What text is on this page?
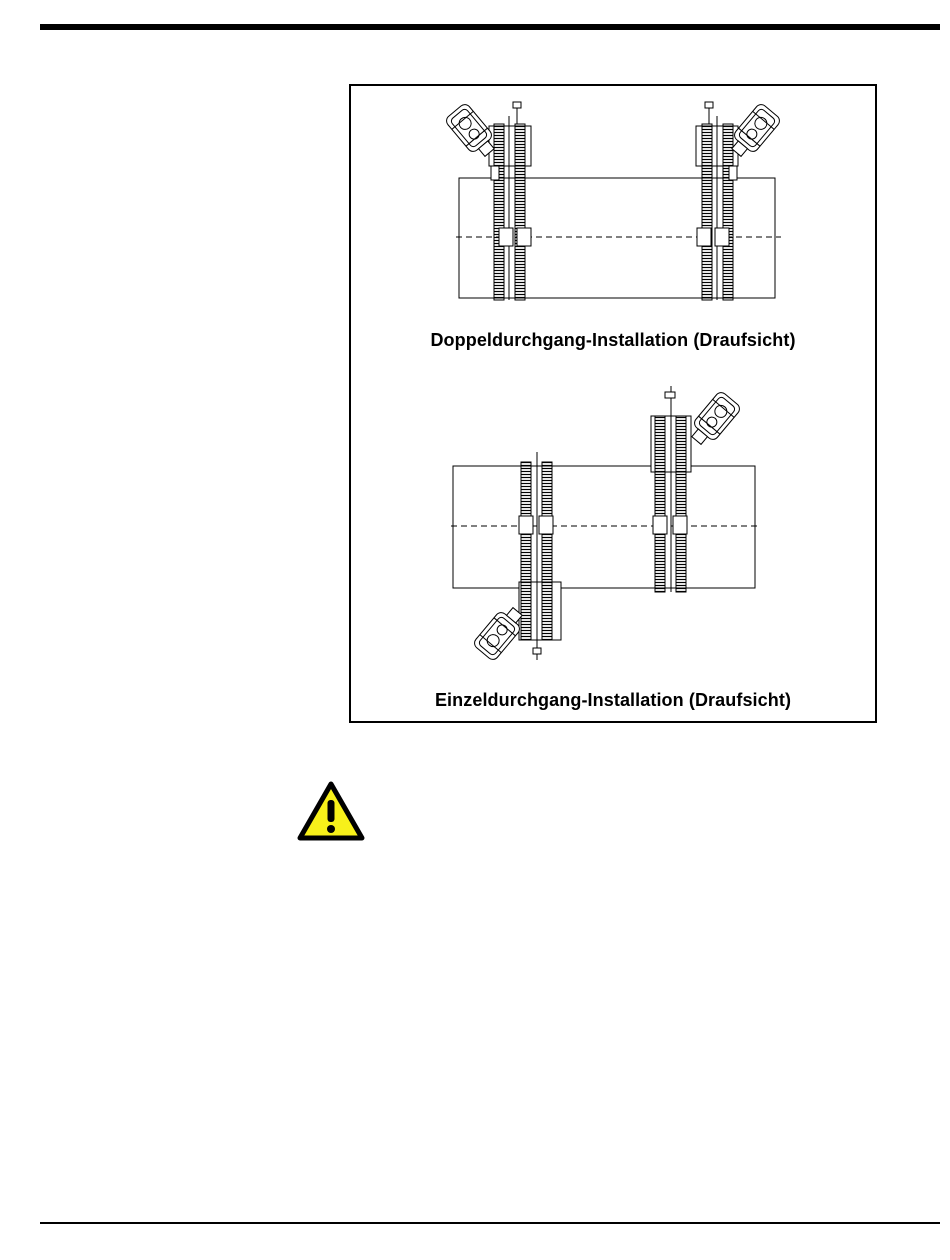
Doppeldurchgang-Installation (Draufsicht)
Einzeldurchgang-Installation (Draufsicht)
